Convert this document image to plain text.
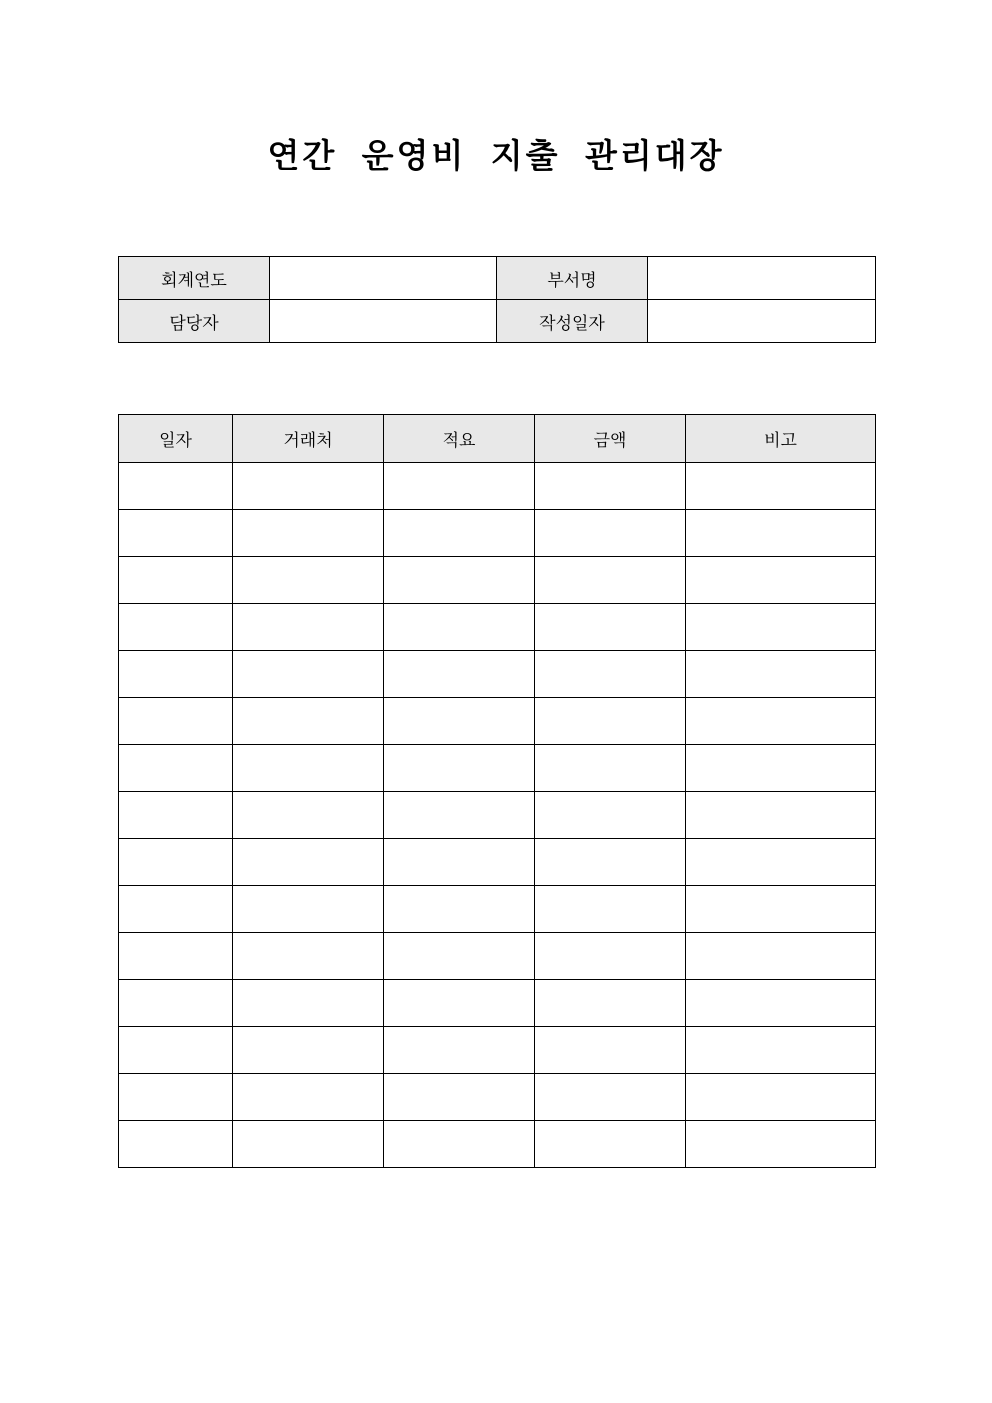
연간 운영비 지출 관리대장
회계연도		부서명	
담당자		작성일자	
일자	거래처	적요	금액	비고
